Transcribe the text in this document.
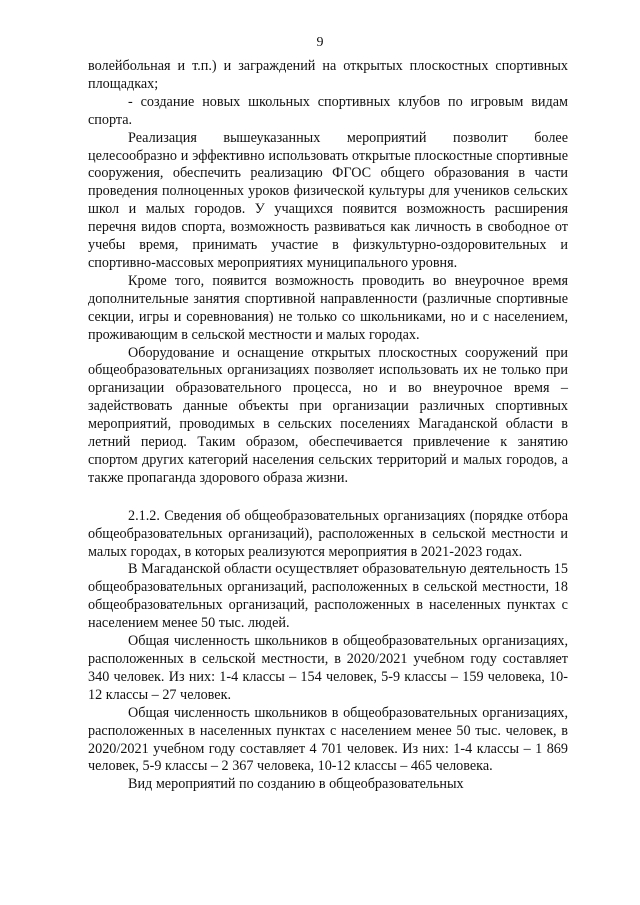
9

волейбольная и т.п.) и заграждений на открытых плоскостных спортивных площадках;

- создание новых школьных спортивных клубов по игровым видам спорта.

Реализация вышеуказанных мероприятий позволит более целесообразно и эффективно использовать открытые плоскостные спортивные сооружения, обеспечить реализацию ФГОС общего образования в части проведения полноценных уроков физической культуры для учеников сельских школ и малых городов. У учащихся появится возможность расширения перечня видов спорта, возможность развиваться как личность в свободное от учебы время, принимать участие в физкультурно-оздоровительных и спортивно-массовых мероприятиях муниципального уровня.

Кроме того, появится возможность проводить во внеурочное время дополнительные занятия спортивной направленности (различные спортивные секции, игры и соревнования) не только со школьниками, но и с населением, проживающим в сельской местности и малых городах.

Оборудование и оснащение открытых плоскостных сооружений при общеобразовательных организациях позволяет использовать их не только при организации образовательного процесса, но и во внеурочное время – задействовать данные объекты при организации различных спортивных мероприятий, проводимых в сельских поселениях Магаданской области в летний период. Таким образом, обеспечивается привлечение к занятию спортом других категорий населения сельских территорий и малых городов, а также пропаганда здорового образа жизни.

2.1.2. Сведения об общеобразовательных организациях (порядке отбора общеобразовательных организаций), расположенных в сельской местности и малых городах, в которых реализуются мероприятия в 2021-2023 годах.

В Магаданской области осуществляет образовательную деятельность 15 общеобразовательных организаций, расположенных в сельской местности, 18 общеобразовательных организаций, расположенных в населенных пунктах с населением менее 50 тыс. людей.

Общая численность школьников в общеобразовательных организациях, расположенных в сельской местности, в 2020/2021 учебном году составляет 340 человек. Из них: 1-4 классы – 154 человек, 5-9 классы – 159 человека, 10-12 классы – 27 человек.

Общая численность школьников в общеобразовательных организациях, расположенных в населенных пунктах с населением менее 50 тыс. человек, в 2020/2021 учебном году составляет 4 701 человек. Из них: 1-4 классы – 1 869 человек, 5-9 классы – 2 367 человека, 10-12 классы – 465 человека.

Вид мероприятий по созданию в общеобразовательных
